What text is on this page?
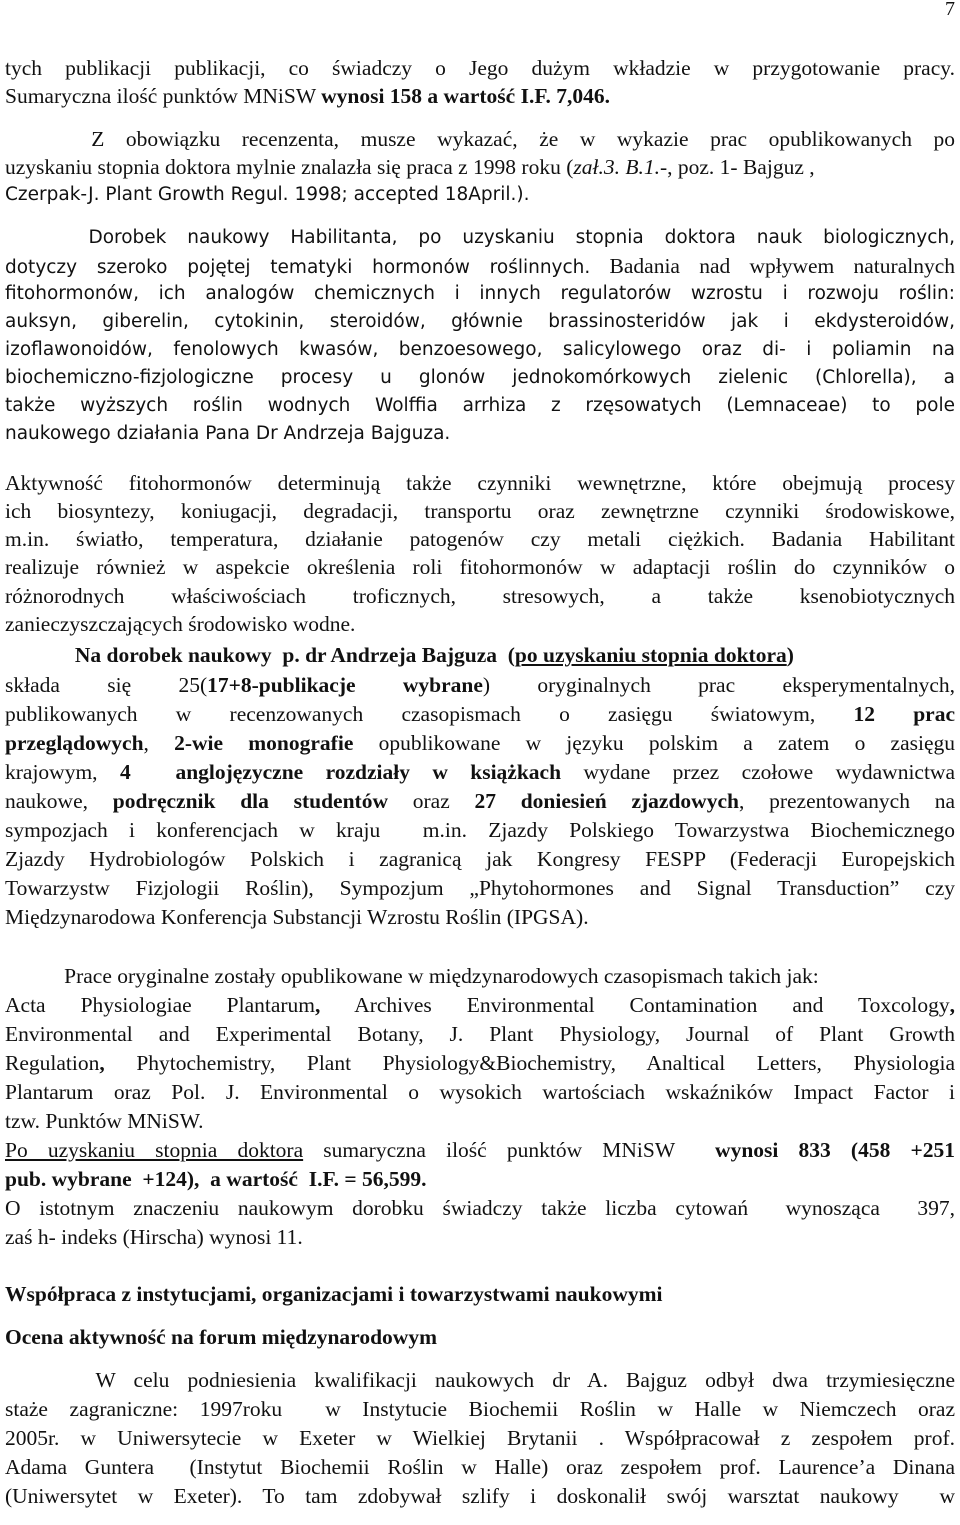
7
tych publikacji publikacji, co świadczy o Jego dużym wkładzie w przygotowanie pracy.
Sumaryczna ilość punktów MNiSW wynosi 158 a wartość I.F. 7,046.
Z obowiązku recenzenta, musze wykazać, że w wykazie prac opublikowanych po
uzyskaniu stopnia doktora mylnie znalazła się praca z 1998 roku (zał.3. B.1.-, poz. 1- Bajguz ,
Czerpak-J. Plant Growth Regul. 1998; accepted 18April.).
Dorobek naukowy Habilitanta, po uzyskaniu stopnia doktora nauk biologicznych,
dotyczy szeroko pojętej tematyki hormonów roślinnych. Badania nad wpływem naturalnych
fitohormonów, ich analogów chemicznych i innych regulatorów wzrostu i rozwoju roślin:
auksyn, giberelin, cytokinin, steroidów, głównie brassinosteridów jak i ekdysteroidów,
izoflawonoidów, fenolowych kwasów, benzoesowego, salicylowego oraz di- i poliamin na
biochemiczno-fizjologiczne procesy u glonów jednokomórkowych zielenic (Chlorella), a
także wyższych roślin wodnych Wolffia arrhiza z rzęsowatych (Lemnaceae) to pole
naukowego działania Pana Dr Andrzeja Bajguza.
Aktywność fitohormonów determinują także czynniki wewnętrzne, które obejmują procesy
ich biosyntezy, koniugacji, degradacji, transportu oraz zewnętrzne czynniki środowiskowe,
m.in. światło, temperatura, działanie patogenów czy metali ciężkich. Badania Habilitant
realizuje również w aspekcie określenia roli fitohormonów w adaptacji roślin do czynników o
różnorodnych właściwościach troficznych, stresowych, a także ksenobiotycznych
zanieczyszczających środowisko wodne.
Na dorobek naukowy  p. dr Andrzeja Bajguza (po uzyskaniu stopnia doktora)
składa się 25(17+8-publikacje wybrane) oryginalnych prac eksperymentalnych,
publikowanych w recenzowanych czasopismach o zasięgu światowym, 12 prac
przeglądowych, 2-wie monografie opublikowane w języku polskim a zatem o zasięgu
krajowym, 4  anglojęzyczne rozdziały w książkach wydane przez czołowe wydawnictwa
naukowe, podręcznik dla studentów oraz 27 doniesień zjazdowych, prezentowanych na
sympozjach i konferencjach w kraju  m.in. Zjazdy Polskiego Towarzystwa Biochemicznego
Zjazdy Hydrobiologów Polskich i zagranicą jak Kongresy FESPP (Federacji Europejskich
Towarzystw Fizjologii Roślin), Sympozjum „Phytohormones and Signal Transduction” czy
Międzynarodowa Konferencja Substancji Wzrostu Roślin (IPGSA).
Prace oryginalne zostały opublikowane w międzynarodowych czasopismach takich jak:
Acta Physiologiae Plantarum, Archives Environmental Contamination and Toxcology,
Environmental and Experimental Botany, J. Plant Physiology, Journal of Plant Growth
Regulation, Phytochemistry, Plant Physiology&Biochemistry, Analtical Letters, Physiologia
Plantarum oraz Pol. J. Environmental o wysokich wartościach wskaźników Impact Factor i
tzw. Punktów MNiSW.
Po uzyskaniu stopnia doktora sumaryczna ilość punktów MNiSW  wynosi 833 (458 +251
pub. wybrane  +124),  a wartość  I.F. = 56,599.
O istotnym znaczeniu naukowym dorobku świadczy także liczba cytowań  wynosząca  397,
zaś h- indeks (Hirscha) wynosi 11.
Współpraca z instytucjami, organizacjami i towarzystwami naukowymi
Ocena aktywność na forum międzynarodowym
W celu podniesienia kwalifikacji naukowych dr A. Bajguz odbył dwa trzymiesięczne
staże zagraniczne: 1997roku  w Instytucie Biochemii Roślin w Halle w Niemczech oraz
2005r. w Uniwersytecie w Exeter w Wielkiej Brytanii . Współpracował z zespołem prof.
Adama Guntera  (Instytut Biochemii Roślin w Halle) oraz zespołem prof. Laurence’a Dinana
(Uniwersytet w Exeter). To tam zdobywał szlify i doskonalił swój warsztat naukowy  w
